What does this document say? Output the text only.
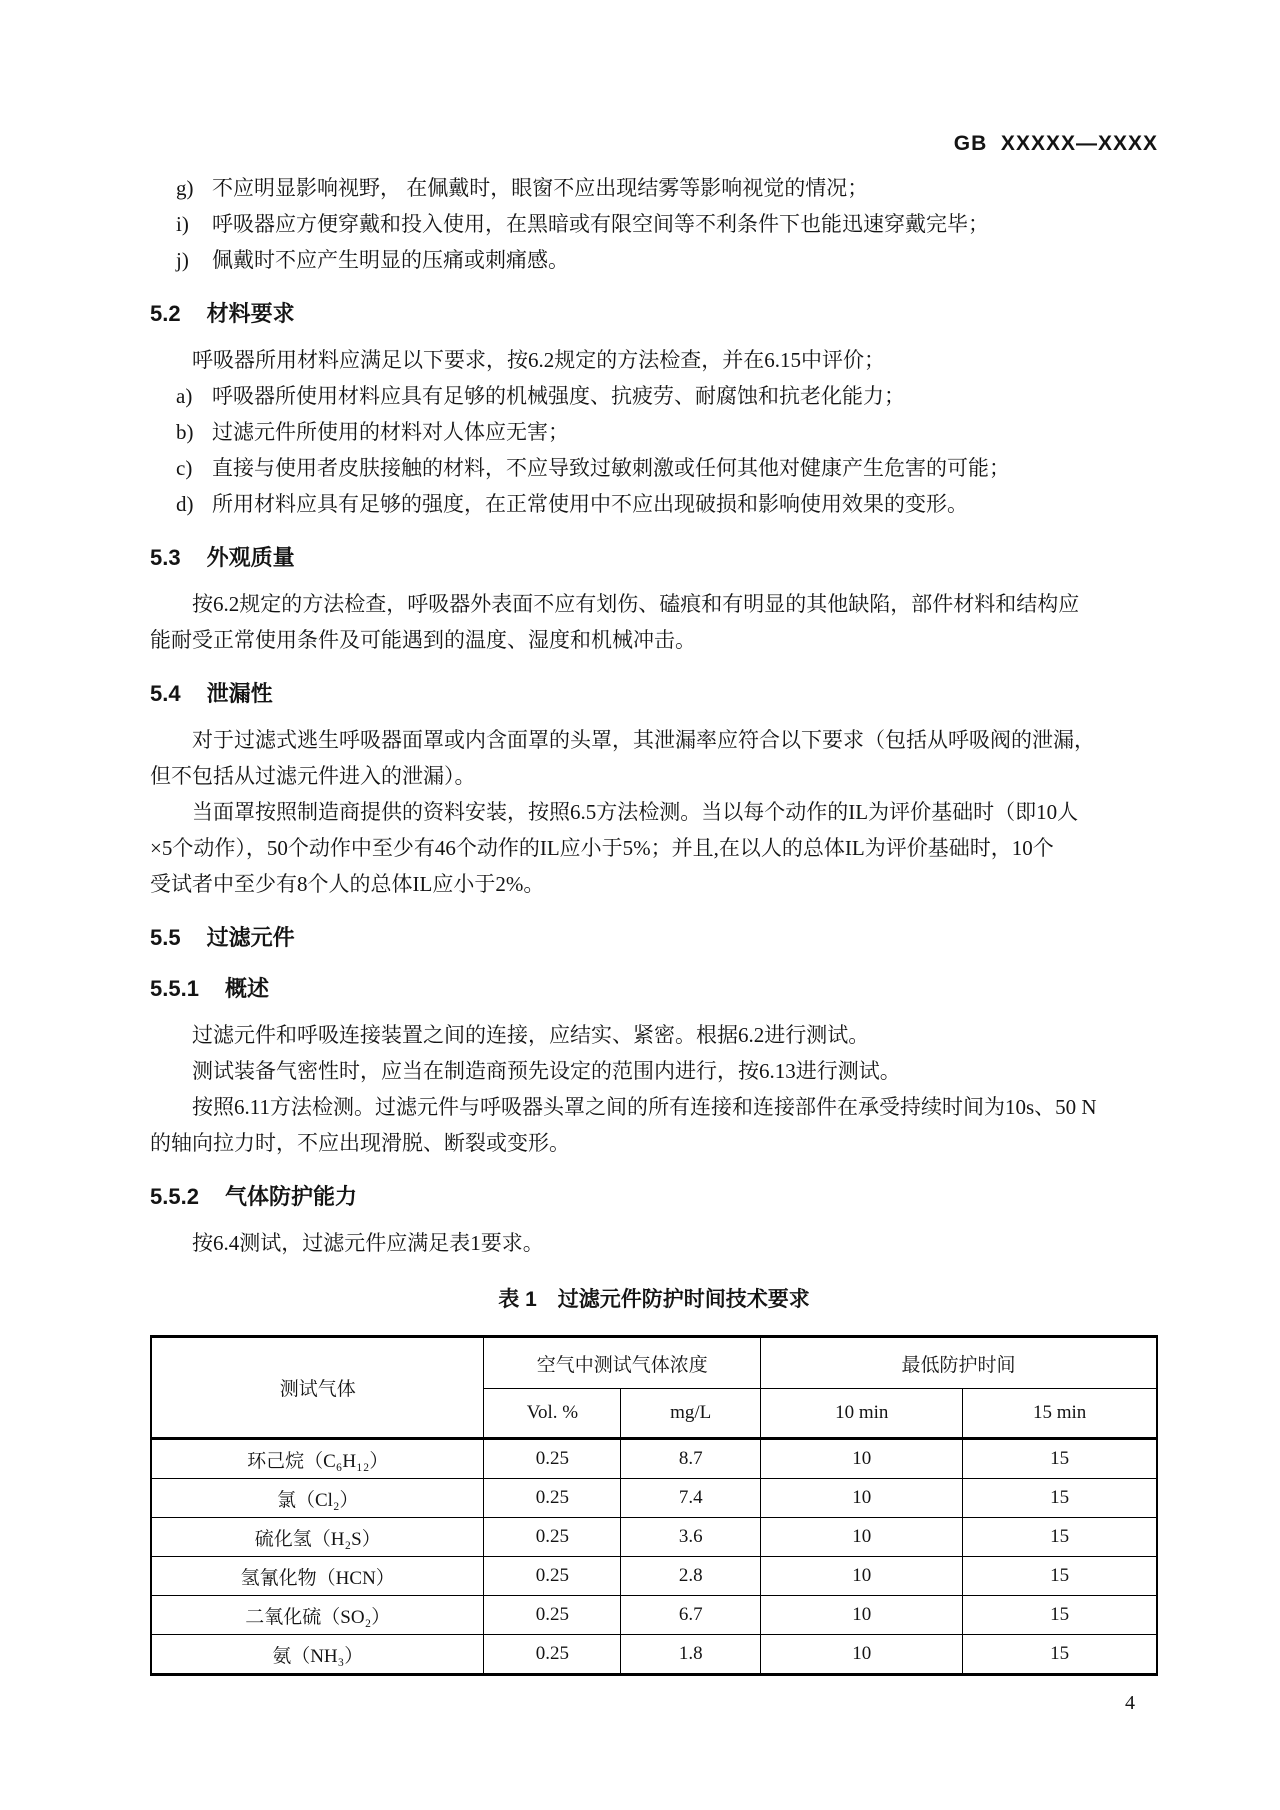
GB  XXXXX—XXXX
g) 不应明显影响视野， 在佩戴时，眼窗不应出现结雾等影响视觉的情况；
i)	呼吸器应方便穿戴和投入使用，在黑暗或有限空间等不利条件下也能迅速穿戴完毕；
j)	佩戴时不应产生明显的压痛或刺痛感。
5.2 材料要求
呼吸器所用材料应满足以下要求，按6.2规定的方法检查，并在6.15中评价；
a) 呼吸器所使用材料应具有足够的机械强度、抗疲劳、耐腐蚀和抗老化能力；
b) 过滤元件所使用的材料对人体应无害；
c) 直接与使用者皮肤接触的材料，不应导致过敏刺激或任何其他对健康产生危害的可能；
d) 所用材料应具有足够的强度，在正常使用中不应出现破损和影响使用效果的变形。
5.3 外观质量
按6.2规定的方法检查，呼吸器外表面不应有划伤、磕痕和有明显的其他缺陷，部件材料和结构应
能耐受正常使用条件及可能遇到的温度、湿度和机械冲击。
5.4 泄漏性
对于过滤式逃生呼吸器面罩或内含面罩的头罩，其泄漏率应符合以下要求（包括从呼吸阀的泄漏，
但不包括从过滤元件进入的泄漏）。
当面罩按照制造商提供的资料安装，按照6.5方法检测。当以每个动作的IL为评价基础时（即10人
×5个动作），50个动作中至少有46个动作的IL应小于5%；并且,在以人的总体IL为评价基础时，10个
受试者中至少有8个人的总体IL应小于2%。
5.5 过滤元件
5.5.1 概述
过滤元件和呼吸连接装置之间的连接，应结实、紧密。根据6.2进行测试。
测试装备气密性时，应当在制造商预先设定的范围内进行，按6.13进行测试。
按照6.11方法检测。过滤元件与呼吸器头罩之间的所有连接和连接部件在承受持续时间为10s、50 N
的轴向拉力时，不应出现滑脱、断裂或变形。
5.5.2 气体防护能力
按6.4测试，过滤元件应满足表1要求。
表 1　过滤元件防护时间技术要求
测试气体	空气中测试气体浓度		最低防护时间	
	Vol. %	mg/L	10 min	15 min
环己烷（C₆H₁₂）	0.25	8.7	10	15
氯（Cl₂）	0.25	7.4	10	15
硫化氢（H₂S）	0.25	3.6	10	15
氢氰化物（HCN）	0.25	2.8	10	15
二氧化硫（SO₂）	0.25	6.7	10	15
氨（NH₃）	0.25	1.8	10	15
4
